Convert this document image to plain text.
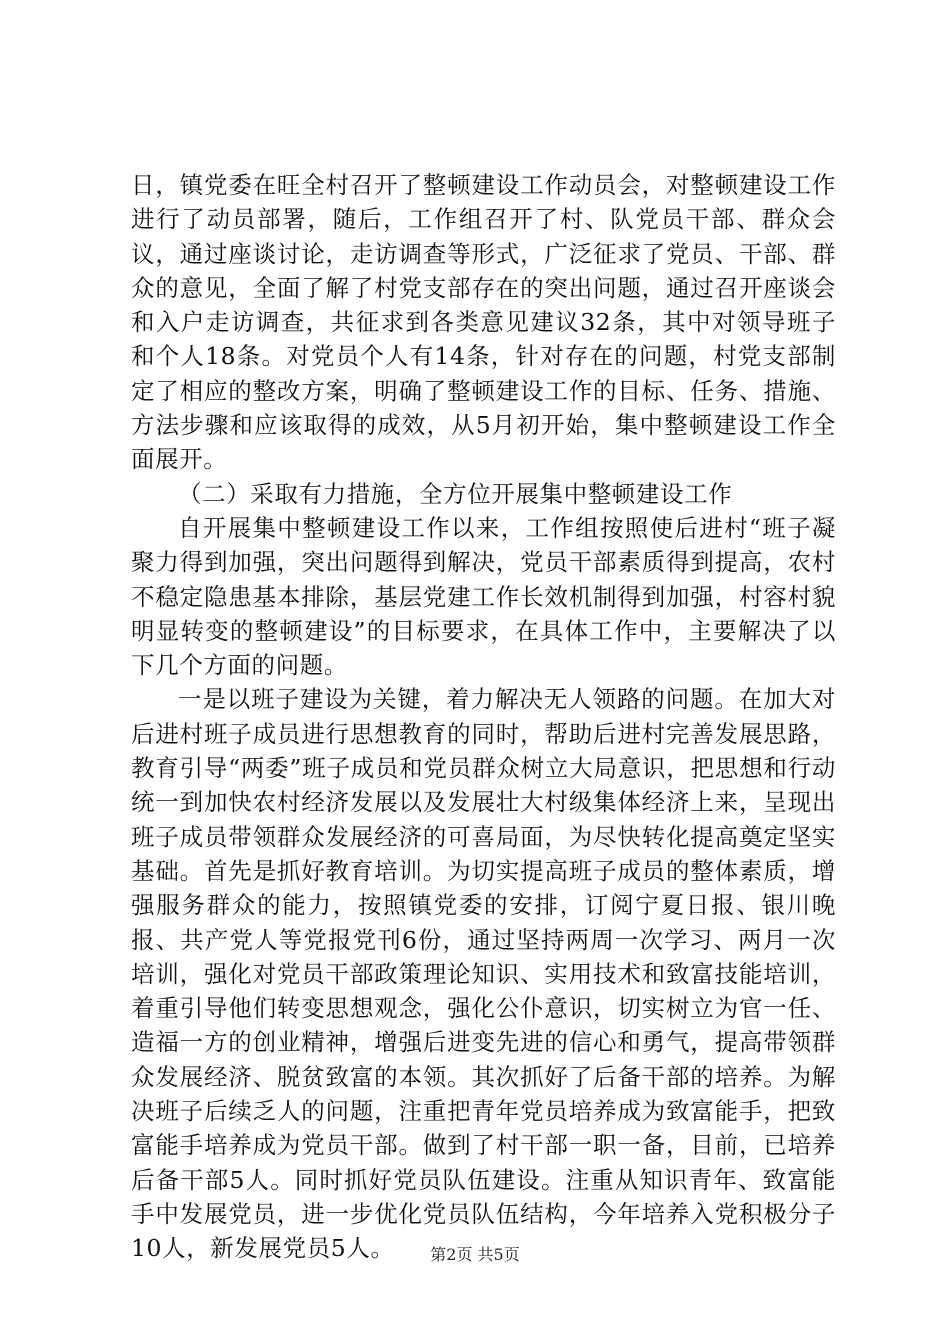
日，镇党委在旺全村召开了整顿建设工作动员会，对整顿建设工作进行了动员部署，随后，工作组召开了村、队党员干部、群众会议，通过座谈讨论，走访调查等形式，广泛征求了党员、干部、群众的意见，全面了解了村党支部存在的突出问题，通过召开座谈会和入户走访调查，共征求到各类意见建议32条，其中对领导班子和个人18条。对党员个人有14条，针对存在的问题，村党支部制定了相应的整改方案，明确了整顿建设工作的目标、任务、措施、方法步骤和应该取得的成效，从5月初开始，集中整顿建设工作全面展开。

（二）采取有力措施，全方位开展集中整顿建设工作

自开展集中整顿建设工作以来，工作组按照使后进村“班子凝聚力得到加强，突出问题得到解决，党员干部素质得到提高，农村不稳定隐患基本排除，基层党建工作长效机制得到加强，村容村貌明显转变的整顿建设”的目标要求，在具体工作中，主要解决了以下几个方面的问题。

一是以班子建设为关键，着力解决无人领路的问题。在加大对后进村班子成员进行思想教育的同时，帮助后进村完善发展思路，教育引导“两委”班子成员和党员群众树立大局意识，把思想和行动统一到加快农村经济发展以及发展壮大村级集体经济上来，呈现出班子成员带领群众发展经济的可喜局面，为尽快转化提高奠定坚实基础。首先是抓好教育培训。为切实提高班子成员的整体素质，增强服务群众的能力，按照镇党委的安排，订阅宁夏日报、银川晚报、共产党人等党报党刊6份，通过坚持两周一次学习、两月一次培训，强化对党员干部政策理论知识、实用技术和致富技能培训，着重引导他们转变思想观念，强化公仆意识，切实树立为官一任、造福一方的创业精神，增强后进变先进的信心和勇气，提高带领群众发展经济、脱贫致富的本领。其次抓好了后备干部的培养。为解决班子后续乏人的问题，注重把青年党员培养成为致富能手，把致富能手培养成为党员干部。做到了村干部一职一备，目前，已培养后备干部5人。同时抓好党员队伍建设。注重从知识青年、致富能手中发展党员，进一步优化党员队伍结构，今年培养入党积极分子10人，新发展党员5人。	第2页 共5页
